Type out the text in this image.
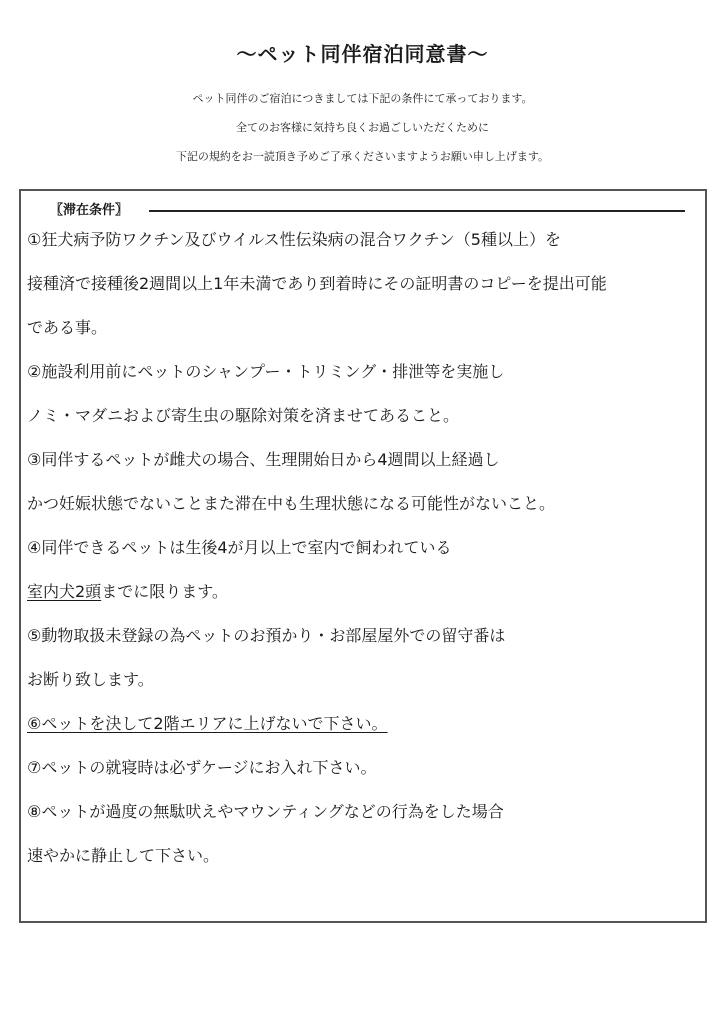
〜ペット同伴宿泊同意書〜
ペット同伴のご宿泊につきましては下記の条件にて承っております。
全てのお客様に気持ち良くお過ごしいただくために
下記の規約をお一読頂き予めご了承くださいますようお願い申し上げます。
〖滞在条件〗
①狂犬病予防ワクチン及びウイルス性伝染病の混合ワクチン（5種以上）を
接種済で接種後2週間以上1年未満であり到着時にその証明書のコピーを提出可能
である事。
②施設利用前にペットのシャンプー・トリミング・排泄等を実施し
ノミ・マダニおよび寄生虫の駆除対策を済ませてあること。
③同伴するペットが雌犬の場合、生理開始日から4週間以上経過し
かつ妊娠状態でないことまた滞在中も生理状態になる可能性がないこと。
④同伴できるペットは生後4が月以上で室内で飼われている
室内犬2頭までに限ります。
⑤動物取扱未登録の為ペットのお預かり・お部屋屋外での留守番は
お断り致します。
⑥ペットを決して2階エリアに上げないで下さい。
⑦ペットの就寝時は必ずケージにお入れ下さい。
⑧ペットが過度の無駄吠えやマウンティングなどの行為をした場合
速やかに静止して下さい。
